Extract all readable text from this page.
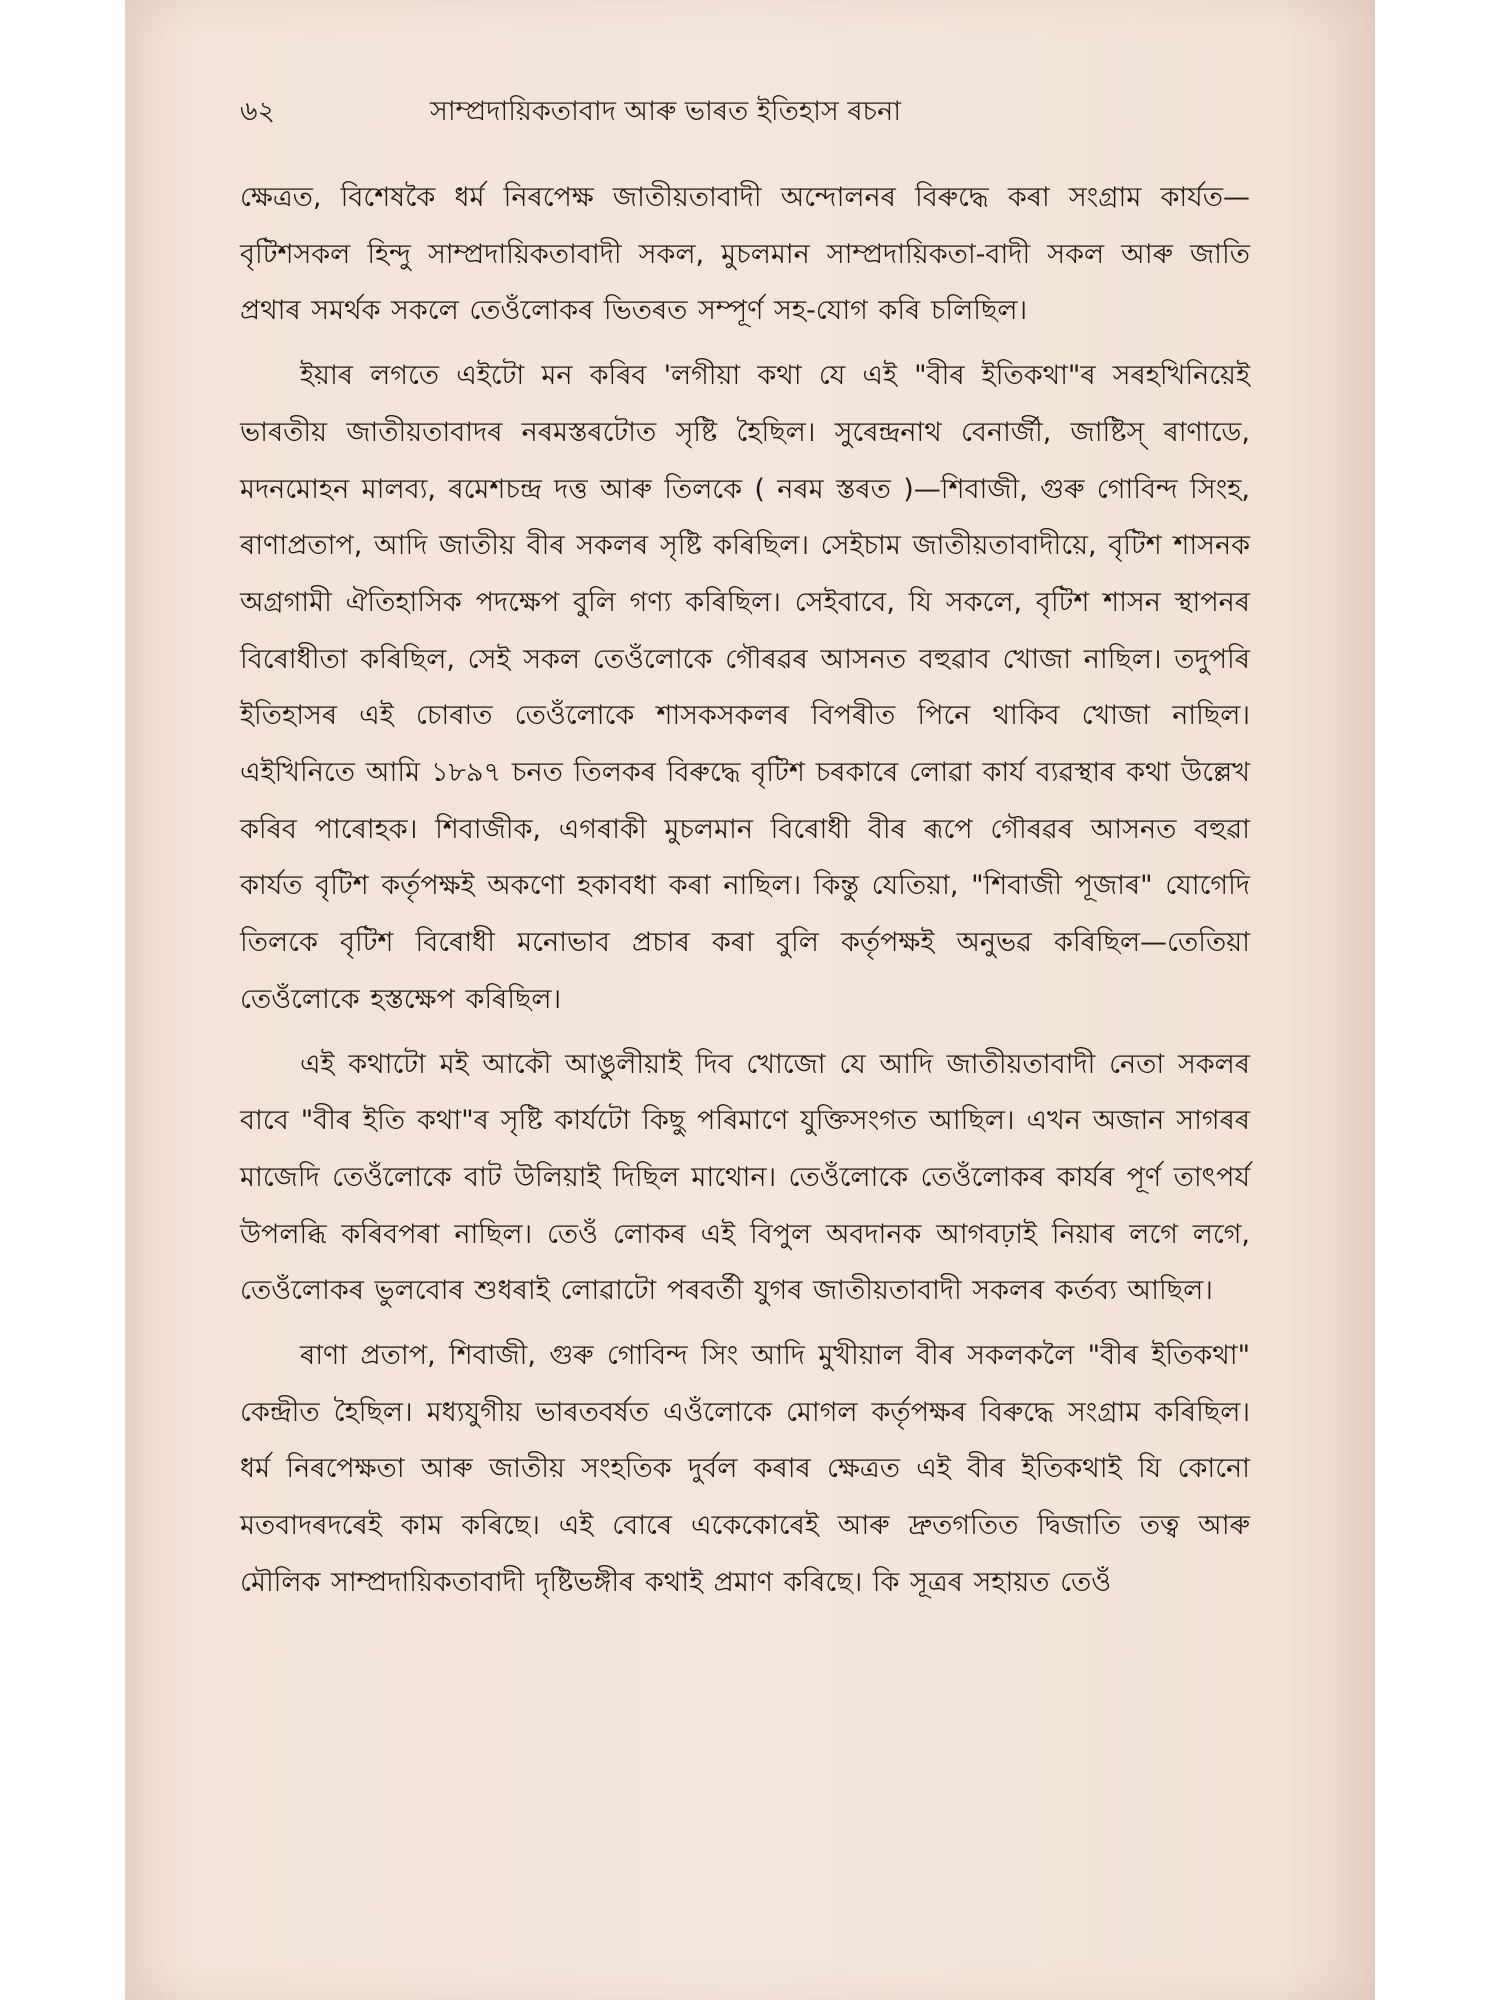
৬২	সাম্প্ৰদায়িকতাবাদ আৰু ভাৰত ইতিহাস ৰচনা

ক্ষেত্ৰত, বিশেষকৈ ধৰ্ম নিৰপেক্ষ জাতীয়তাবাদী অন্দোলনৰ বিৰুদ্ধে কৰা সংগ্ৰাম কাৰ্যত—বৃটিশসকল হিন্দু সাম্প্ৰদায়িকতাবাদী সকল, মুচলমান সাম্প্ৰদায়িকতা-বাদী সকল আৰু জাতি প্ৰথাৰ সমৰ্থক সকলে তেওঁলোকৰ ভিতৰত সম্পূৰ্ণ সহ-যোগ কৰি চলিছিল।

ইয়াৰ লগতে এইটো মন কৰিব 'লগীয়া কথা যে এই "বীৰ ইতিকথা"ৰ সৰহখিনিয়েই ভাৰতীয় জাতীয়তাবাদৰ নৰমস্তৰটোত সৃষ্টি হৈছিল। সুৰেন্দ্ৰনাথ বেনাৰ্জী, জাষ্টিস্ ৰাণাডে, মদনমোহন মালব্য, ৰমেশচন্দ্ৰ দত্ত আৰু তিলকে ( নৰম স্তৰত )—শিবাজী, গুৰু গোবিন্দ সিংহ, ৰাণাপ্ৰতাপ, আদি জাতীয় বীৰ সকলৰ সৃষ্টি কৰিছিল। সেইচাম জাতীয়তাবাদীয়ে, বৃটিশ শাসনক অগ্ৰগামী ঐতিহাসিক পদক্ষেপ বুলি গণ্য কৰিছিল। সেইবাবে, যি সকলে, বৃটিশ শাসন স্থাপনৰ বিৰোধীতা কৰিছিল, সেই সকল তেওঁলোকে গৌৰৱৰ আসনত বহুৱাব খোজা নাছিল। তদুপৰি ইতিহাসৰ এই চোৰাত তেওঁলোকে শাসকসকলৰ বিপৰীত পিনে থাকিব খোজা নাছিল। এইখিনিতে আমি ১৮৯৭ চনত তিলকৰ বিৰুদ্ধে বৃটিশ চৰকাৰে লোৱা কাৰ্য ব্যৱস্থাৰ কথা উল্লেখ কৰিব পাৰোহক। শিবাজীক, এগৰাকী মুচলমান বিৰোধী বীৰ ৰূপে গৌৰৱৰ আসনত বহুৱা কাৰ্যত বৃটিশ কৰ্তৃপক্ষই অকণো হকাবধা কৰা নাছিল। কিন্তু যেতিয়া, "শিবাজী পূজাৰ" যোগেদি তিলকে বৃটিশ বিৰোধী মনোভাব প্ৰচাৰ কৰা বুলি কৰ্তৃপক্ষই অনুভৱ কৰিছিল—তেতিয়া তেওঁলোকে হস্তক্ষেপ কৰিছিল।

এই কথাটো মই আকৌ আঙুলীয়াই দিব খোজো যে আদি জাতীয়তাবাদী নেতা সকলৰ বাবে "বীৰ ইতি কথা"ৰ সৃষ্টি কাৰ্যটো কিছু পৰিমাণে যুক্তিসংগত আছিল। এখন অজান সাগৰৰ মাজেদি তেওঁলোকে বাট উলিয়াই দিছিল মাথোন। তেওঁলোকে তেওঁলোকৰ কাৰ্যৰ পূৰ্ণ তাৎপৰ্য উপলব্ধি কৰিবপৰা নাছিল। তেওঁ লোকৰ এই বিপুল অবদানক আগবঢ়াই নিয়াৰ লগে লগে, তেওঁলোকৰ ভুলবোৰ শুধৰাই লোৱাটো পৰবৰ্তী যুগৰ জাতীয়তাবাদী সকলৰ কৰ্তব্য আছিল।

ৰাণা প্ৰতাপ, শিবাজী, গুৰু গোবিন্দ সিং আদি মুখীয়াল বীৰ সকলকলৈ "বীৰ ইতিকথা" কেন্দ্ৰীত হৈছিল। মধ্যযুগীয় ভাৰতবৰ্ষত এওঁলোকে মোগল কৰ্তৃপক্ষৰ বিৰুদ্ধে সংগ্ৰাম কৰিছিল। ধৰ্ম নিৰপেক্ষতা আৰু জাতীয় সংহতিক দুৰ্বল কৰাৰ ক্ষেত্ৰত এই বীৰ ইতিকথাই যি কোনো মতবাদৰদৰেই কাম কৰিছে। এই বোৰে একেকোৰেই আৰু দ্ৰুতগতিত দ্বিজাতি তত্ব আৰু মৌলিক সাম্প্ৰদায়িকতাবাদী দৃষ্টিভঙ্গীৰ কথাই প্ৰমাণ কৰিছে। কি সূত্ৰৰ সহায়ত তেওঁ
